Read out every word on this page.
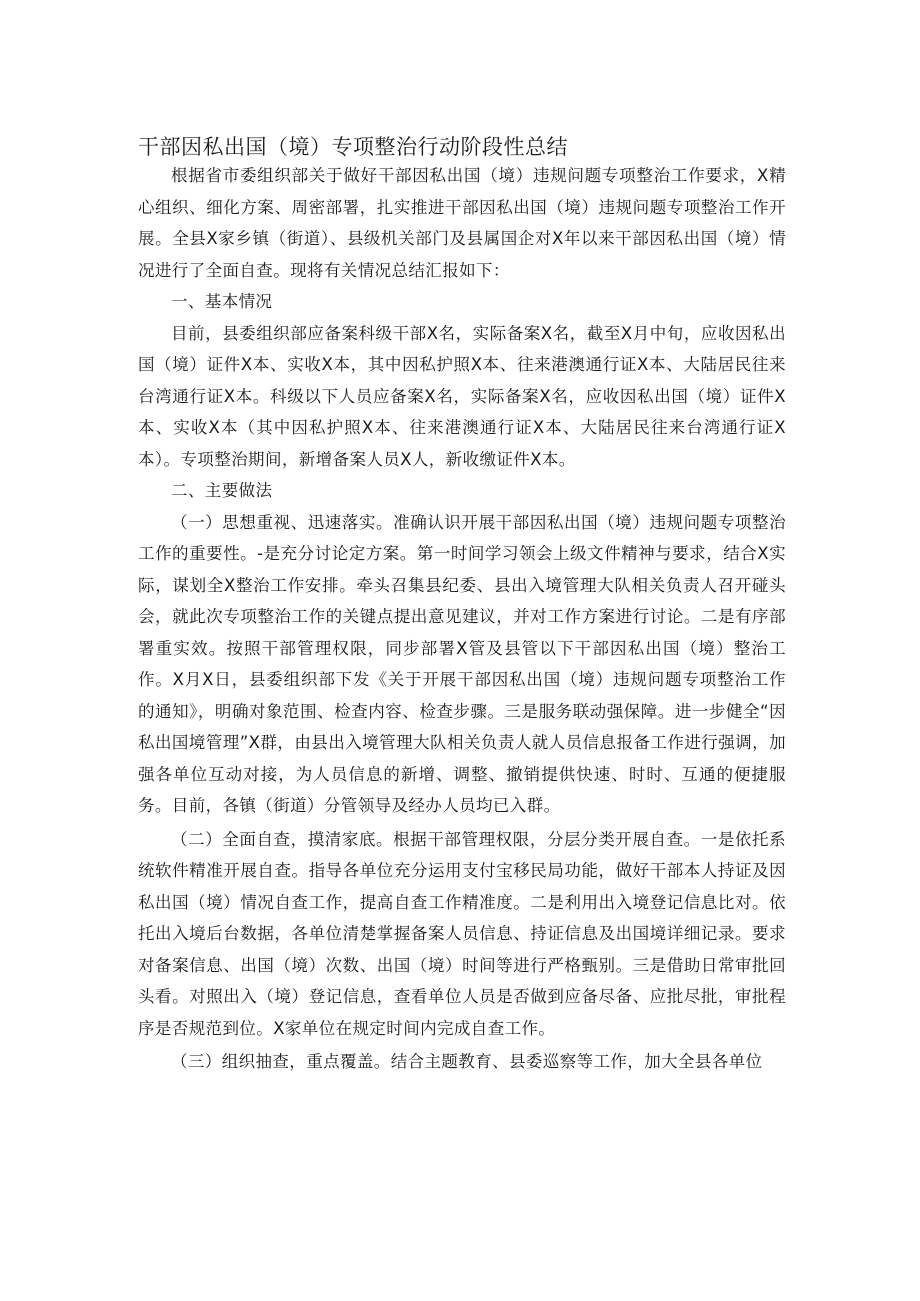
干部因私出国（境）专项整治行动阶段性总结

根据省市委组织部关于做好干部因私出国（境）违规问题专项整治工作要求，X精心组织、细化方案、周密部署，扎实推进干部因私出国（境）违规问题专项整治工作开展。全县X家乡镇（街道）、县级机关部门及县属国企对X年以来干部因私出国（境）情况进行了全面自查。现将有关情况总结汇报如下：

一、基本情况

目前，县委组织部应备案科级干部X名，实际备案X名，截至X月中旬，应收因私出国（境）证件X本、实收X本，其中因私护照X本、往来港澳通行证X本、大陆居民往来台湾通行证X本。科级以下人员应备案X名，实际备案X名，应收因私出国（境）证件X本、实收X本（其中因私护照X本、往来港澳通行证X本、大陆居民往来台湾通行证X本）。专项整治期间，新增备案人员X人，新收缴证件X本。

二、主要做法

（一）思想重视、迅速落实。准确认识开展干部因私出国（境）违规问题专项整治工作的重要性。-是充分讨论定方案。第一时间学习领会上级文件精神与要求，结合X实际，谋划全X整治工作安排。牵头召集县纪委、县出入境管理大队相关负责人召开碰头会，就此次专项整治工作的关键点提出意见建议，并对工作方案进行讨论。二是有序部署重实效。按照干部管理权限，同步部署X管及县管以下干部因私出国（境）整治工作。X月X日，县委组织部下发《关于开展干部因私出国（境）违规问题专项整治工作的通知》，明确对象范围、检查内容、检查步骤。三是服务联动强保障。进一步健全“因私出国境管理”X群，由县出入境管理大队相关负责人就人员信息报备工作进行强调，加强各单位互动对接，为人员信息的新增、调整、撤销提供快速、时时、互通的便捷服务。目前，各镇（街道）分管领导及经办人员均已入群。

（二）全面自查，摸清家底。根据干部管理权限，分层分类开展自查。一是依托系统软件精准开展自查。指导各单位充分运用支付宝移民局功能，做好干部本人持证及因私出国（境）情况自查工作，提高自查工作精准度。二是利用出入境登记信息比对。依托出入境后台数据，各单位清楚掌握备案人员信息、持证信息及出国境详细记录。要求对备案信息、出国（境）次数、出国（境）时间等进行严格甄别。三是借助日常审批回头看。对照出入（境）登记信息，查看单位人员是否做到应备尽备、应批尽批，审批程序是否规范到位。X家单位在规定时间内完成自查工作。

（三）组织抽查，重点覆盖。结合主题教育、县委巡察等工作，加大全县各单位
